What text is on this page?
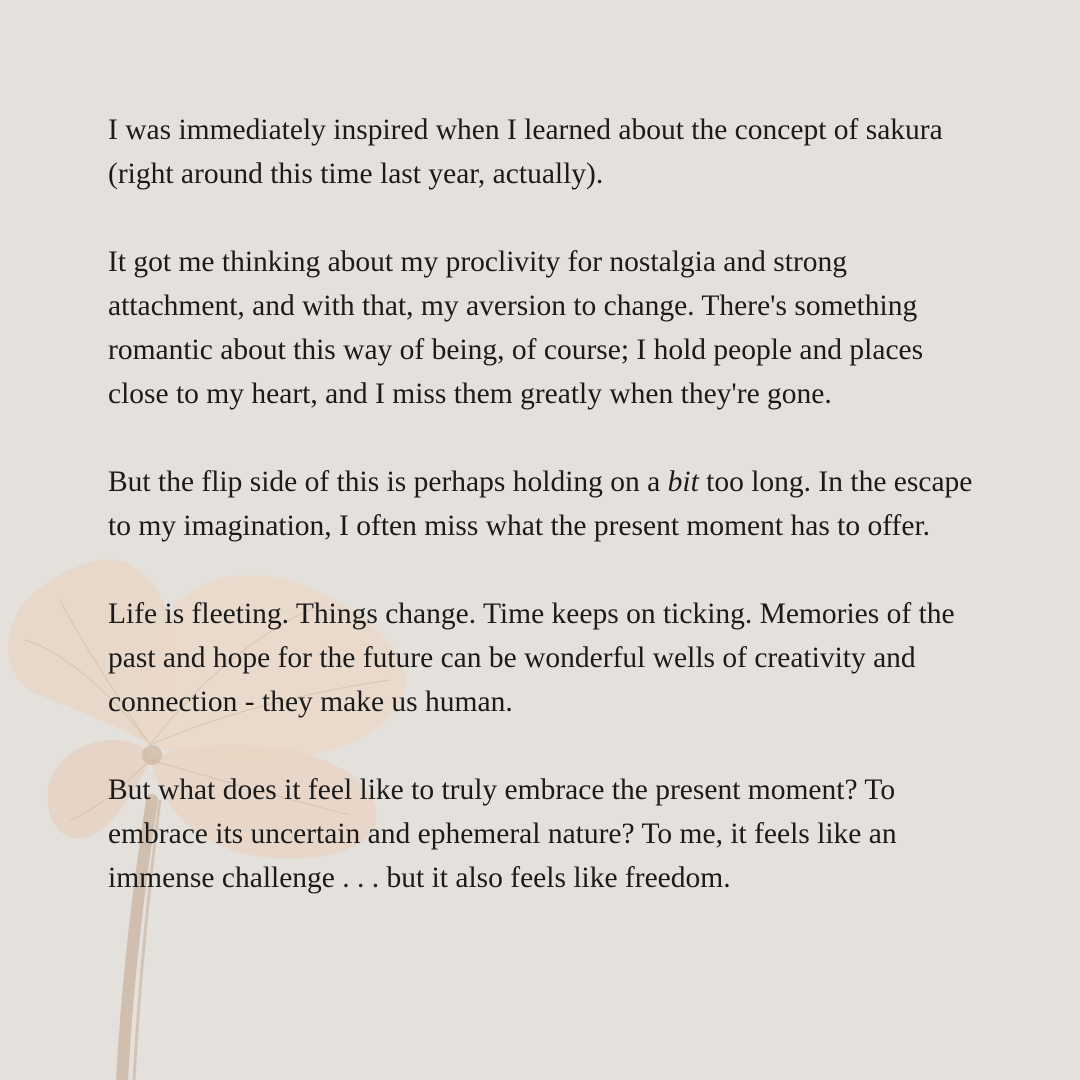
I was immediately inspired when I learned about the concept of sakura (right around this time last year, actually).

It got me thinking about my proclivity for nostalgia and strong attachment, and with that, my aversion to change. There's something romantic about this way of being, of course; I hold people and places close to my heart, and I miss them greatly when they're gone.

But the flip side of this is perhaps holding on a bit too long. In the escape to my imagination, I often miss what the present moment has to offer.

Life is fleeting. Things change. Time keeps on ticking. Memories of the past and hope for the future can be wonderful wells of creativity and connection - they make us human.

But what does it feel like to truly embrace the present moment? To embrace its uncertain and ephemeral nature? To me, it feels like an immense challenge . . . but it also feels like freedom.
